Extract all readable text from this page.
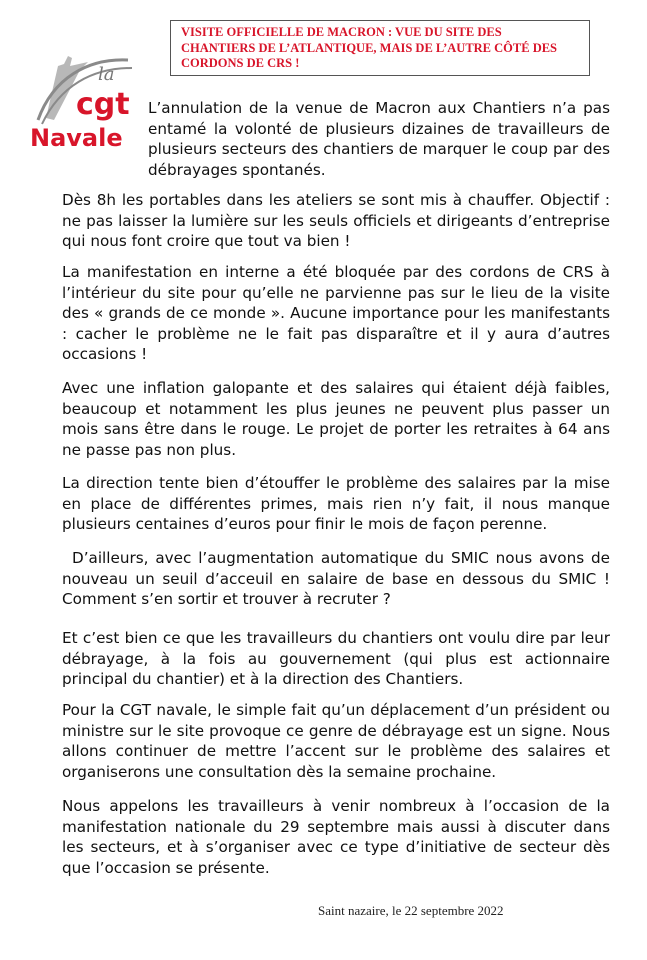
VISITE OFFICIELLE DE MACRON : VUE DU SITE DES CHANTIERS DE L’ATLANTIQUE, MAIS DE L’AUTRE CÔTÉ DES CORDONS DE CRS !
la
cgt
Navale

L’annulation de la venue de Macron aux Chantiers n’a pas entamé la volonté de plusieurs dizaines de travailleurs de plusieurs secteurs des chantiers de marquer le coup par des débrayages spontanés.

Dès 8h les portables dans les ateliers se sont mis à chauffer. Objectif : ne pas laisser la lumière sur les seuls officiels et dirigeants d’entreprise qui nous font croire que tout va bien !

La manifestation en interne a été bloquée par des cordons de CRS à l’intérieur du site pour qu’elle ne parvienne pas sur le lieu de la visite des « grands de ce monde ». Aucune importance pour les manifestants : cacher le problème ne le fait pas disparaître et il y aura d’autres occasions !

Avec une inflation galopante et des salaires qui étaient déjà faibles, beaucoup et notamment les plus jeunes ne peuvent plus passer un mois sans être dans le rouge. Le projet de porter les retraites à 64 ans ne passe pas non plus.

La direction tente bien d’étouffer le problème des salaires par la mise en place de différentes primes, mais rien n’y fait, il nous manque plusieurs centaines d’euros pour finir le mois de façon perenne.

D’ailleurs, avec l’augmentation automatique du SMIC nous avons de nouveau un seuil d’acceuil en salaire de base en dessous du SMIC ! Comment s’en sortir et trouver à recruter ?

Et c’est bien ce que les travailleurs du chantiers ont voulu dire par leur débrayage, à la fois au gouvernement (qui plus est actionnaire principal du chantier) et à la direction des Chantiers.

Pour la CGT navale, le simple fait qu’un déplacement d’un président ou ministre sur le site provoque ce genre de débrayage est un signe. Nous allons continuer de mettre l’accent sur le problème des salaires et organiserons une consultation dès la semaine prochaine.

Nous appelons les travailleurs à venir nombreux à l’occasion de la manifestation nationale du 29 septembre mais aussi à discuter dans les secteurs, et à s’organiser avec ce type d’initiative de secteur dès que l’occasion se présente.

Saint nazaire, le 22 septembre 2022
